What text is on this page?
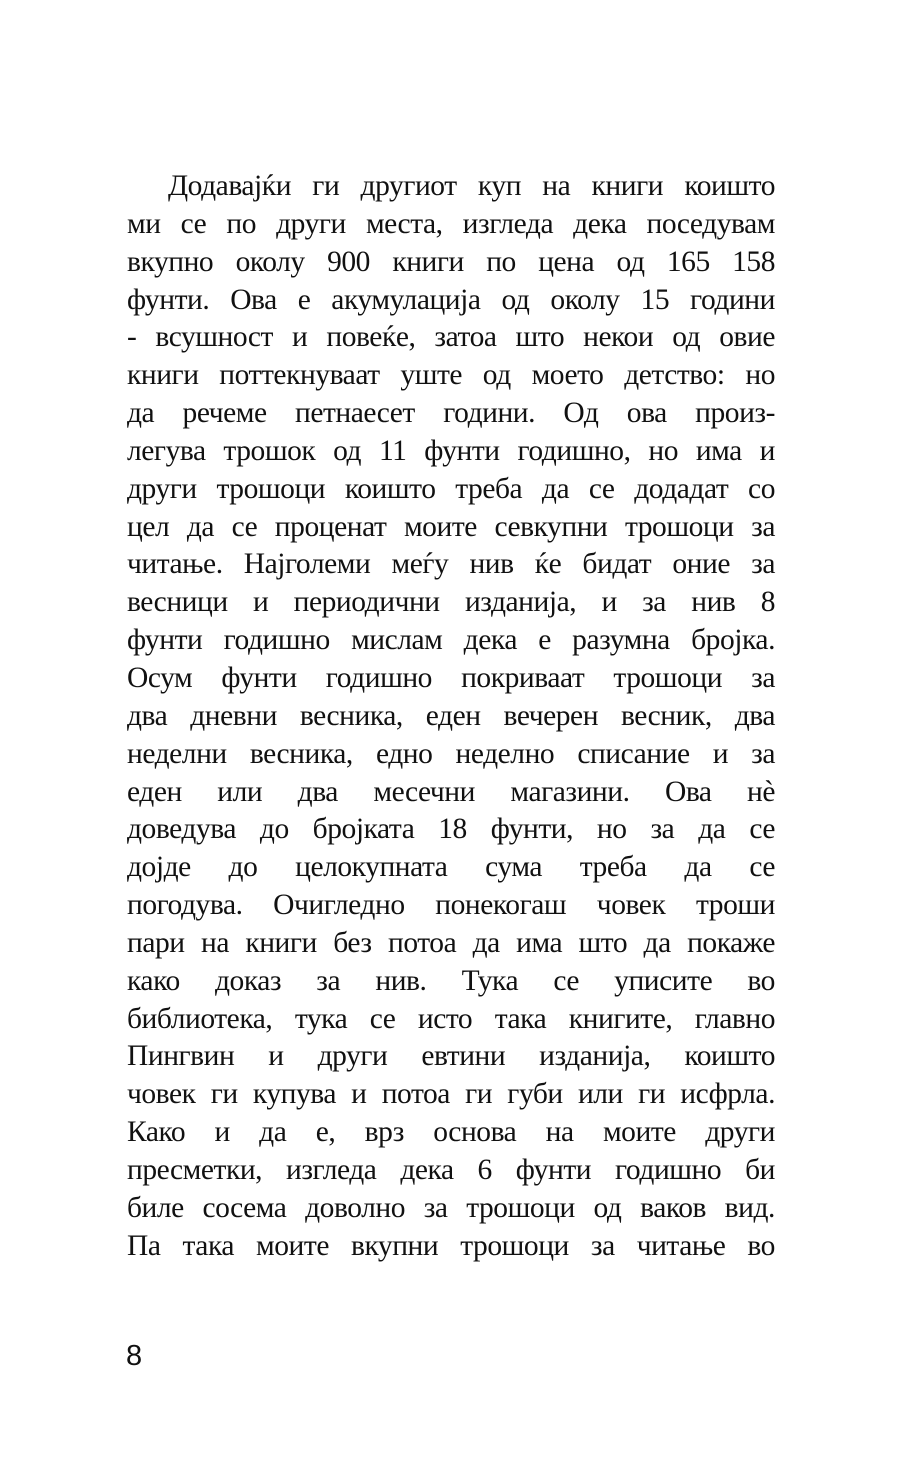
Додавајќи ги другиот куп на книги коишто
ми се по други места, изгледа дека поседувам
вкупно околу 900 книги по цена од 165 158
фунти. Ова е акумулација од околу 15 години
- всушност и повеќе, затоа што некои од овие
книги поттекнуваат уште од моето детство: но
да речеме петнаесет години. Од ова произ-
легува трошок од 11 фунти годишно, но има и
други трошоци коишто треба да се додадат со
цел да се проценат моите севкупни трошоци за
читање. Најголеми меѓу нив ќе бидат оние за
весници и периодични изданија, и за нив 8
фунти годишно мислам дека е разумна бројка.
Осум фунти годишно покриваат трошоци за
два дневни весника, еден вечерен весник, два
неделни весника, едно неделно списание и за
еден или два месечни магазини. Ова нѐ
доведува до бројката 18 фунти, но за да се
дојде до целокупната сума треба да се
погодува. Очигледно понекогаш човек троши
пари на книги без потоа да има што да покаже
како доказ за нив. Тука се уписите во
библиотека, тука се исто така книгите, главно
Пингвин и други евтини изданија, коишто
човек ги купува и потоа ги губи или ги исфрла.
Како и да е, врз основа на моите други
пресметки, изгледа дека 6 фунти годишно би
биле сосема доволно за трошоци од ваков вид.
Па така моите вкупни трошоци за читање во
8
